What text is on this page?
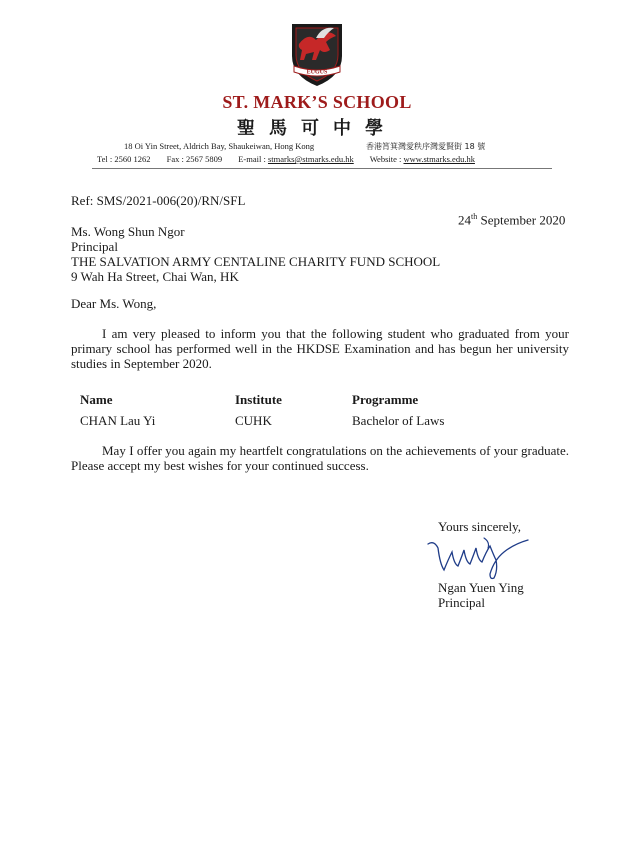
EUGUS
ST. MARK’S SCHOOL
聖馬可中學
18 Oi Yin Street, Aldrich Bay, Shaukeiwan, Hong Kong	香港筲箕灣愛秩序灣愛賢街 18 號
Tel : 2560 1262 Fax : 2567 5809 E-mail : stmarks@stmarks.edu.hk Website : www.stmarks.edu.hk
Ref: SMS/2021-006(20)/RN/SFL
24th September 2020
Ms. Wong Shun Ngor
Principal
THE SALVATION ARMY CENTALINE CHARITY FUND SCHOOL
9 Wah Ha Street, Chai Wan, HK
Dear Ms. Wong,
I am very pleased to inform you that the following student who graduated from your primary school has performed well in the HKDSE Examination and has begun her university studies in September 2020.
Name	Institute	Programme
CHAN Lau Yi	CUHK	Bachelor of Laws
May I offer you again my heartfelt congratulations on the achievements of your graduate. Please accept my best wishes for your continued success.
Yours sincerely,
Ngan Yuen Ying
Principal
